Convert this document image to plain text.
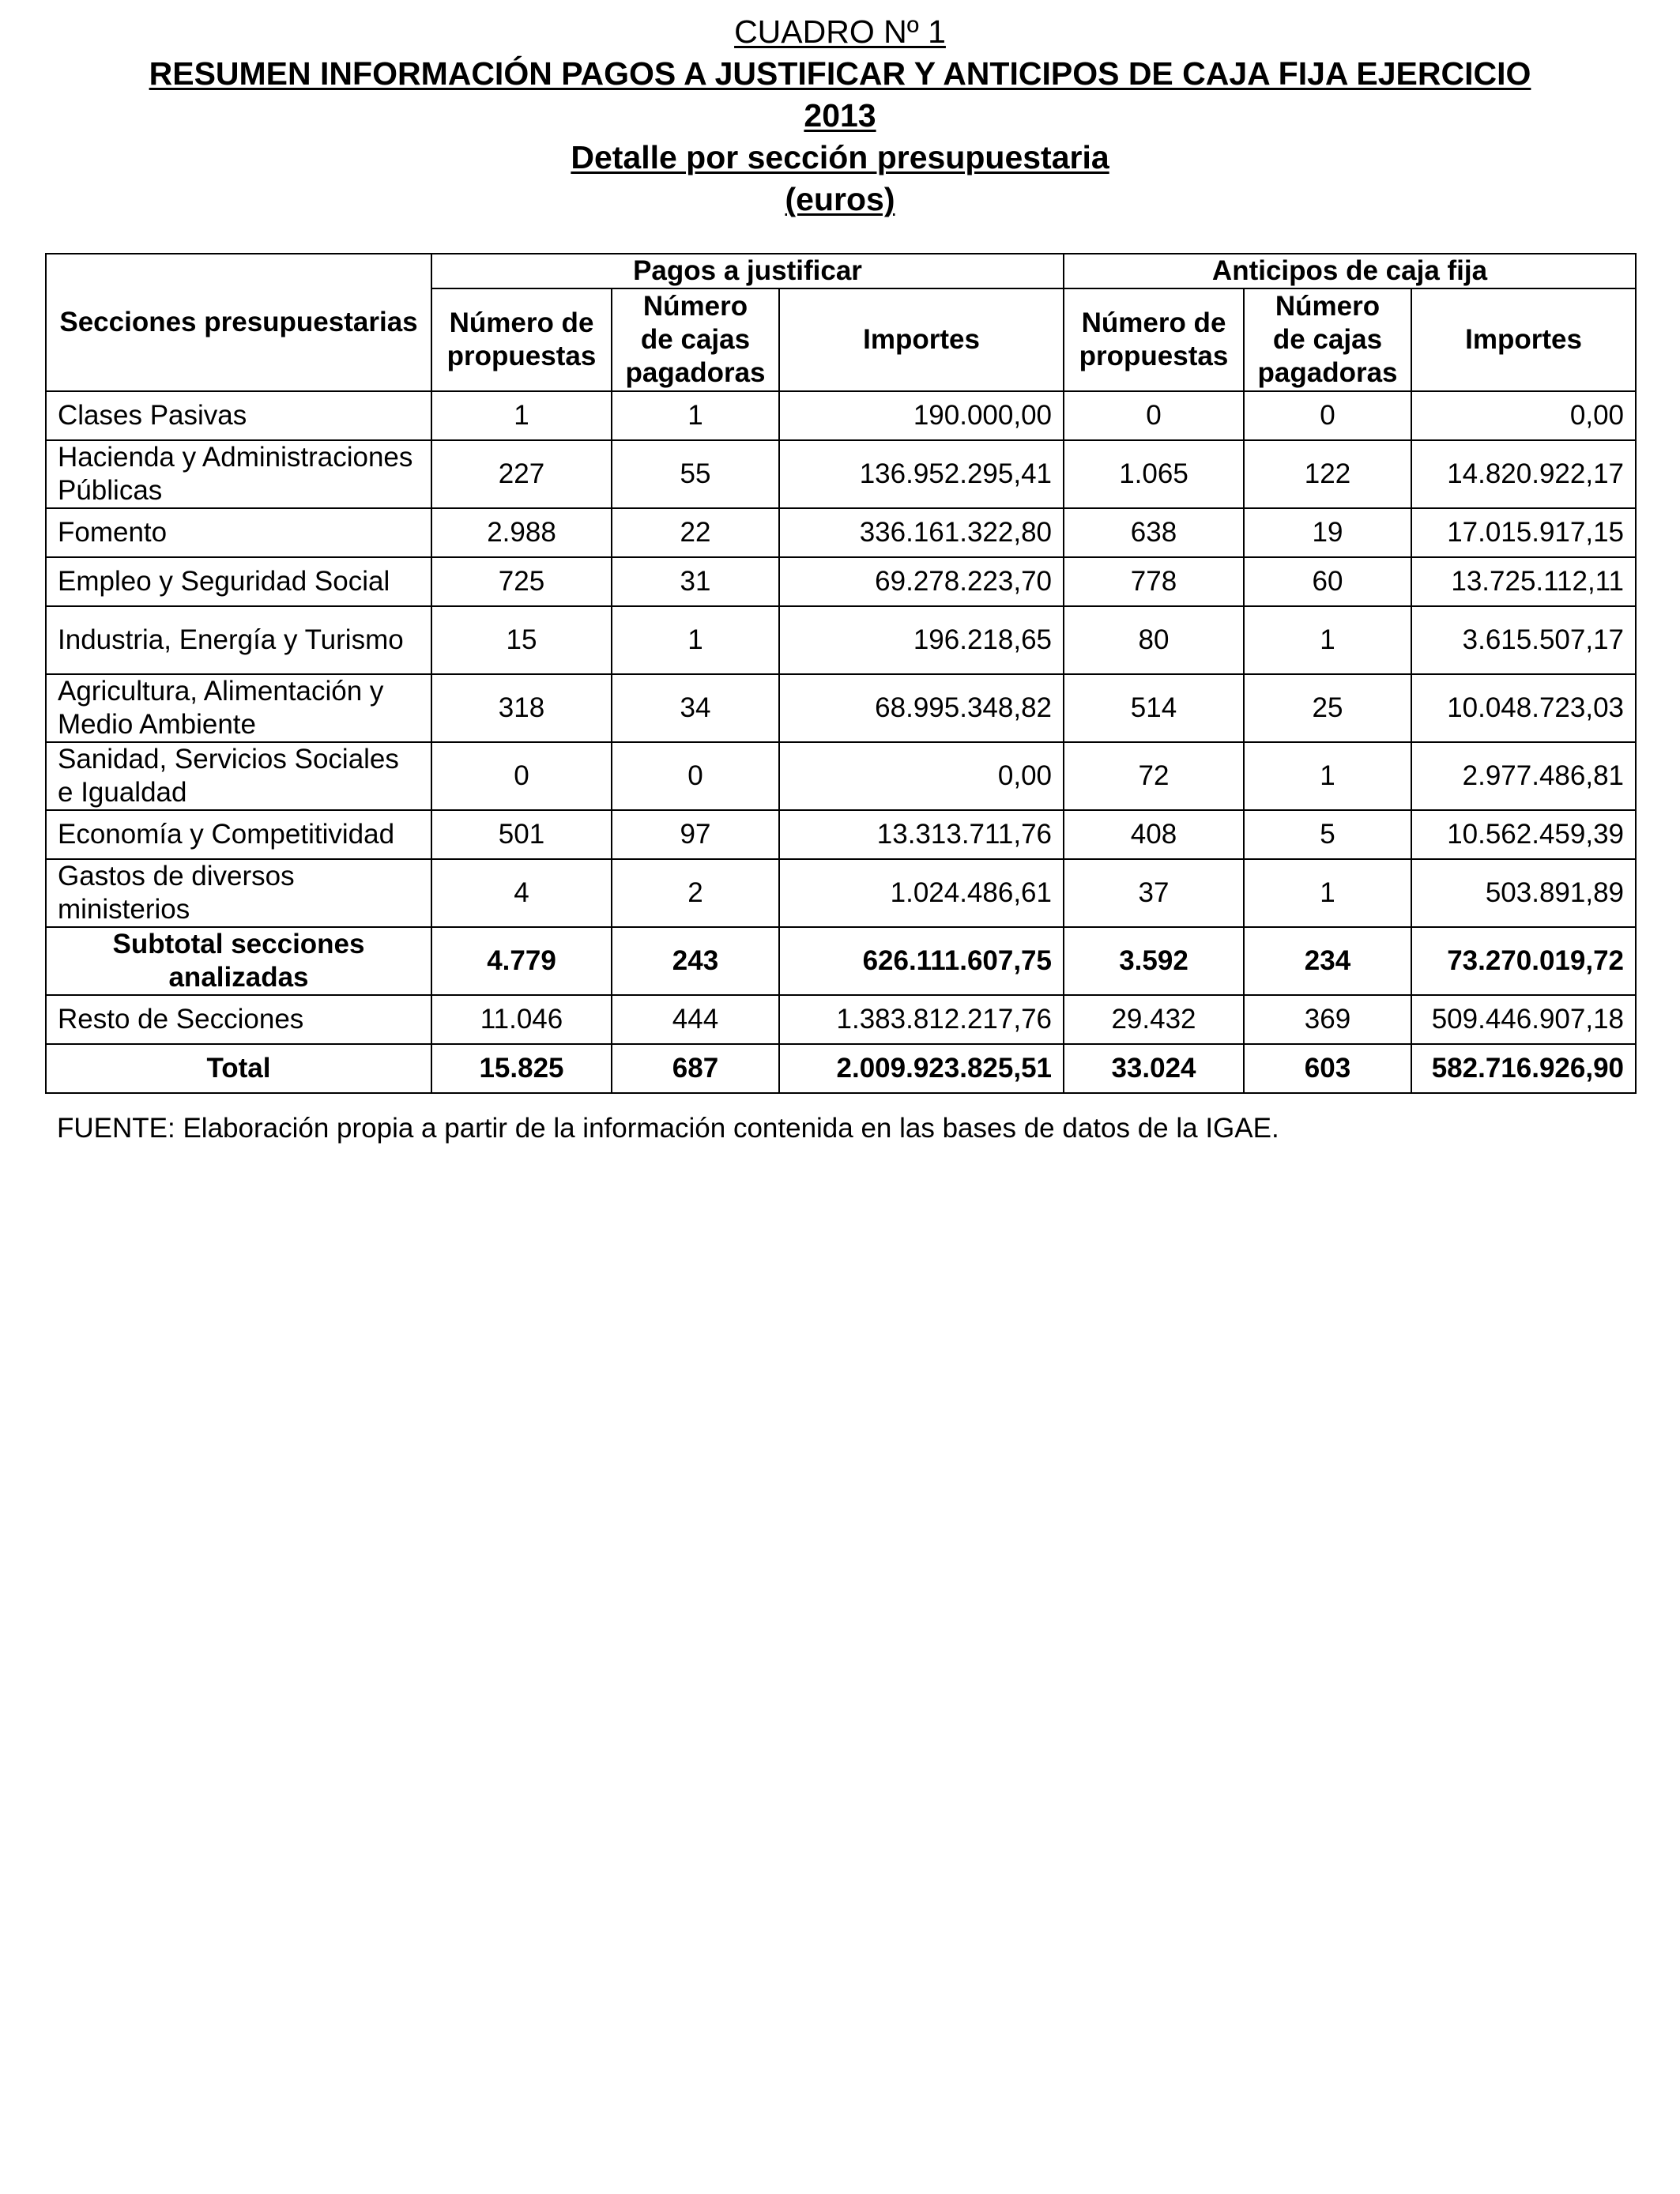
CUADRO Nº 1
RESUMEN INFORMACIÓN PAGOS A JUSTIFICAR Y ANTICIPOS DE CAJA FIJA EJERCICIO
2013
Detalle por sección presupuestaria
(euros)
Secciones presupuestarias	Pagos a justificar			Anticipos de caja fija		
	Número de propuestas	Número de cajas pagadoras	Importes	Número de propuestas	Número de cajas pagadoras	Importes
Clases Pasivas	1	1	190.000,00	0	0	0,00
Hacienda y Administraciones Públicas	227	55	136.952.295,41	1.065	122	14.820.922,17
Fomento	2.988	22	336.161.322,80	638	19	17.015.917,15
Empleo y Seguridad Social	725	31	69.278.223,70	778	60	13.725.112,11
Industria, Energía y Turismo	15	1	196.218,65	80	1	3.615.507,17
Agricultura, Alimentación y Medio Ambiente	318	34	68.995.348,82	514	25	10.048.723,03
Sanidad, Servicios Sociales e Igualdad	0	0	0,00	72	1	2.977.486,81
Economía y Competitividad	501	97	13.313.711,76	408	5	10.562.459,39
Gastos de diversos ministerios	4	2	1.024.486,61	37	1	503.891,89
Subtotal secciones analizadas	4.779	243	626.111.607,75	3.592	234	73.270.019,72
Resto de Secciones	11.046	444	1.383.812.217,76	29.432	369	509.446.907,18
Total	15.825	687	2.009.923.825,51	33.024	603	582.716.926,90
FUENTE: Elaboración propia a partir de la información contenida en las bases de datos de la IGAE.
